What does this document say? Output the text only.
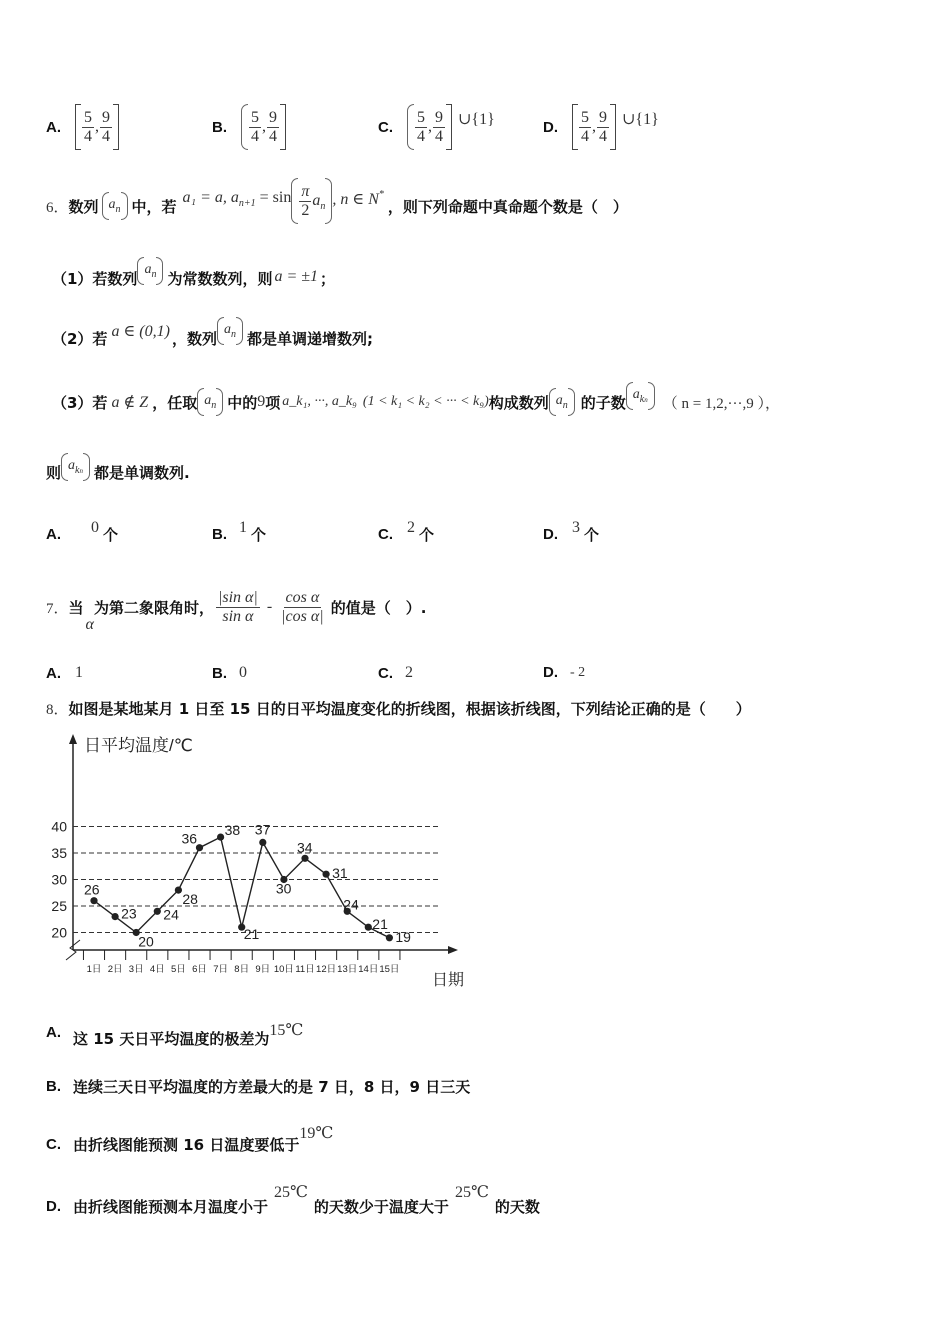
A. $\frac{5}{4}$ , $\frac{9}{4}$	B. $\frac{5}{4}$ , $\frac{9}{4}$	C. $\frac{5}{4}$ , $\frac{9}{4}$ ∪{1}	D. $\frac{5}{4}$ , $\frac{9}{4}$ ∪{1}
6． 数列 $a_n$ 中，若 a₁ = a, $a_{n+1} = \sin \frac{\pi}{2} a_n$ , n ∈ N*
，则下列命题中真命题个数是（　）
（1）若数列
$a_n$ 为常数数列，则 a = ±1 ；
（2）若 a ∈ (0,1) ，数列
$a_n$ 都是单调递增数列;
（3）若 a ∉ Z ，任取 $a_n$ 中的 9 项 a_k₁, ···, a_k₉ (1 < k₁ < k₂ < ··· < k₉) 构成数列 $a_n$ 的子数 $a_{kn}$ （ n = 1,2,···,9 ），
则 $a_{kn}$ 都是单调数列.
A. 0 个	B. 1 个	C. 2 个	D. 3 个
7． 当
α
为第二象限角时， $\frac{\text{|sin α|}}{\text{sin α}} - \frac{\text{cos α}}{\text{|cos α|}}$ 的值是（　）.
A. 1	B. 0	C. 2	D. - 2
8． 如图是某地某月 1 日至 15 日的日平均温度变化的折线图，根据该折线图，下列结论正确的是（　　）
日平均温度/℃
日期
20
25
30
35
40
1日 2日 3日 4日 5日 6日 7日 8日 9日 10日 11日 12日 13日 14日 15日
26
23
20
24
28
36
38
21
37
30
34
31
24
21
19
A. 这 15 天日平均温度的极差为 15℃
B. 连续三天日平均温度的方差最大的是 7 日，8 日，9 日三天
C. 由折线图能预测 16 日温度要低于
19℃
D. 由折线图能预测本月温度小于
25℃
的天数少于温度大于
25℃
的天数
